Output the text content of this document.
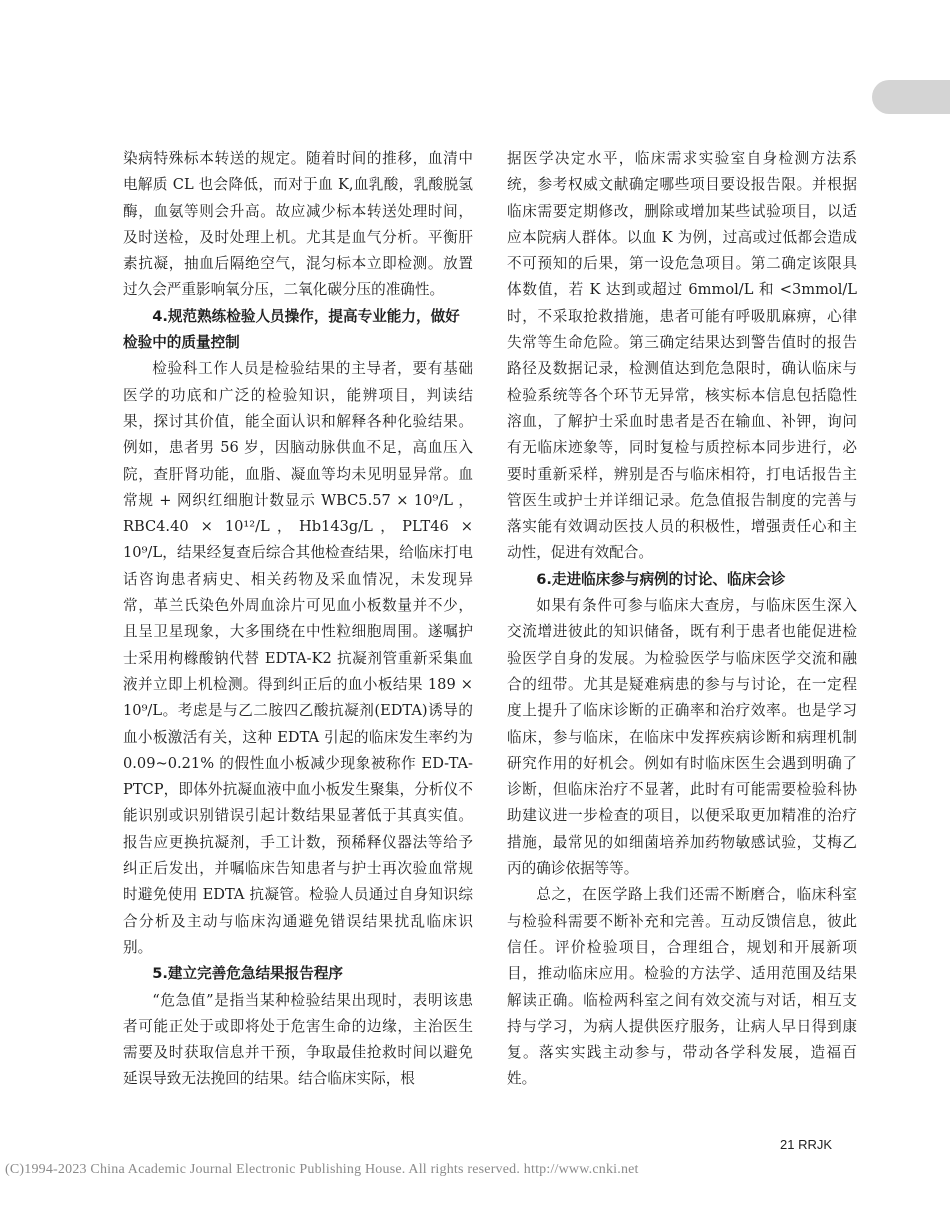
染病特殊标本转送的规定。随着时间的推移，血清中电解质 CL 也会降低，而对于血 K,血乳酸，乳酸脱氢酶，血氨等则会升高。故应减少标本转送处理时间，及时送检，及时处理上机。尤其是血气分析。平衡肝素抗凝，抽血后隔绝空气，混匀标本立即检测。放置过久会严重影响氧分压，二氧化碳分压的准确性。

4.规范熟练检验人员操作，提高专业能力，做好检验中的质量控制

检验科工作人员是检验结果的主导者，要有基础医学的功底和广泛的检验知识，能辨项目，判读结果，探讨其价值，能全面认识和解释各种化验结果。例如，患者男 56 岁，因脑动脉供血不足，高血压入院，查肝肾功能，血脂、凝血等均未见明显异常。血常规 + 网织红细胞计数显示 WBC5.57 × 10⁹/L ，RBC4.40 × 10¹²/L，Hb143g/L，PLT46 × 10⁹/L，结果经复查后综合其他检查结果，给临床打电话咨询患者病史、相关药物及采血情况，未发现异常，革兰氏染色外周血涂片可见血小板数量并不少，且呈卫星现象，大多围绕在中性粒细胞周围。遂嘱护士采用枸橼酸钠代替 EDTA-K2 抗凝剂管重新采集血液并立即上机检测。得到纠正后的血小板结果 189 × 10⁹/L。考虑是与乙二胺四乙酸抗凝剂(EDTA)诱导的血小板激活有关，这种 EDTA 引起的临床发生率约为 0.09~0.21% 的假性血小板减少现象被称作 ED-TA-PTCP，即体外抗凝血液中血小板发生聚集，分析仪不能识别或识别错误引起计数结果显著低于其真实值。报告应更换抗凝剂，手工计数，预稀释仪器法等给予纠正后发出，并嘱临床告知患者与护士再次验血常规时避免使用 EDTA 抗凝管。检验人员通过自身知识综合分析及主动与临床沟通避免错误结果扰乱临床识别。

5.建立完善危急结果报告程序

“危急值”是指当某种检验结果出现时，表明该患者可能正处于或即将处于危害生命的边缘，主治医生需要及时获取信息并干预，争取最佳抢救时间以避免延误导致无法挽回的结果。结合临床实际，根

据医学决定水平，临床需求实验室自身检测方法系统，参考权威文献确定哪些项目要设报告限。并根据临床需要定期修改，删除或增加某些试验项目，以适应本院病人群体。以血 K 为例，过高或过低都会造成不可预知的后果，第一设危急项目。第二确定该限具体数值，若 K 达到或超过 6mmol/L 和 <3mmol/L 时，不采取抢救措施，患者可能有呼吸肌麻痹，心律失常等生命危险。第三确定结果达到警告值时的报告路径及数据记录，检测值达到危急限时，确认临床与检验系统等各个环节无异常，核实标本信息包括隐性溶血，了解护士采血时患者是否在输血、补钾，询问有无临床迹象等，同时复检与质控标本同步进行，必要时重新采样，辨别是否与临床相符，打电话报告主管医生或护士并详细记录。危急值报告制度的完善与落实能有效调动医技人员的积极性，增强责任心和主动性，促进有效配合。

6.走进临床参与病例的讨论、临床会诊

如果有条件可参与临床大查房，与临床医生深入交流增进彼此的知识储备，既有利于患者也能促进检验医学自身的发展。为检验医学与临床医学交流和融合的纽带。尤其是疑难病患的参与与讨论，在一定程度上提升了临床诊断的正确率和治疗效率。也是学习临床，参与临床，在临床中发挥疾病诊断和病理机制研究作用的好机会。例如有时临床医生会遇到明确了诊断，但临床治疗不显著，此时有可能需要检验科协助建议进一步检查的项目，以便采取更加精准的治疗措施，最常见的如细菌培养加药物敏感试验，艾梅乙丙的确诊依据等等。

总之，在医学路上我们还需不断磨合，临床科室与检验科需要不断补充和完善。互动反馈信息，彼此信任。评价检验项目，合理组合，规划和开展新项目，推动临床应用。检验的方法学、适用范围及结果解读正确。临检两科室之间有效交流与对话，相互支持与学习，为病人提供医疗服务，让病人早日得到康复。落实实践主动参与，带动各学科发展，造福百姓。

21 RRJK
(C)1994-2023 China Academic Journal Electronic Publishing House. All rights reserved. http://www.cnki.net
